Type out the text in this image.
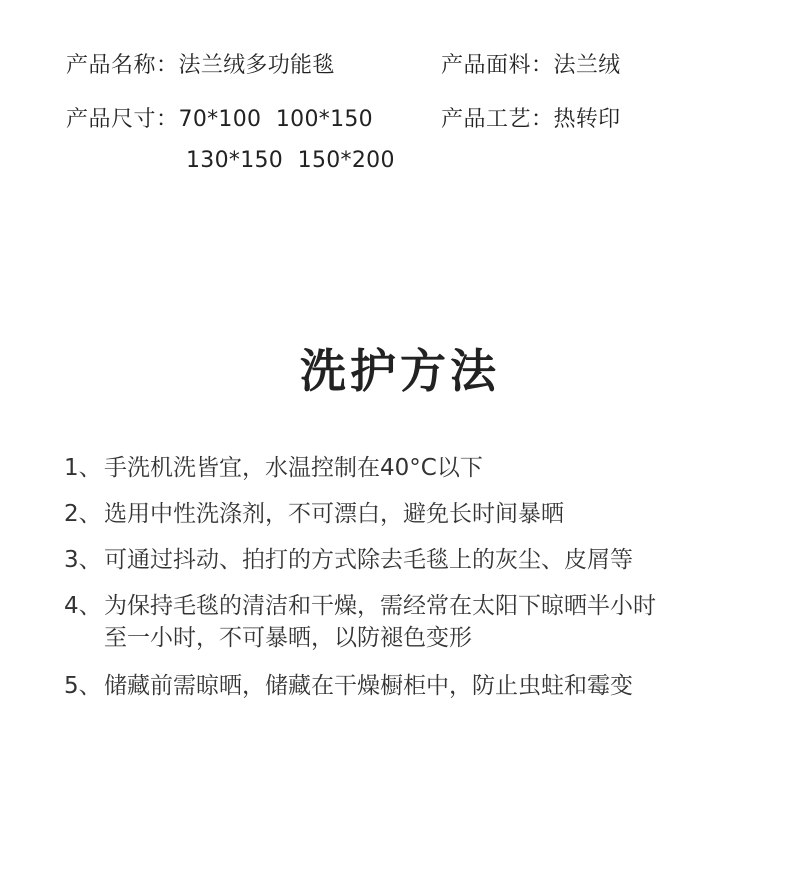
产品名称：法兰绒多功能毯	产品面料：法兰绒
产品尺寸：70*100  100*150
130*150  150*200
产品工艺：热转印
洗护方法
1、 手洗机洗皆宜，水温控制在40°C以下
2、 选用中性洗涤剂，不可漂白，避免长时间暴晒
3、 可通过抖动、拍打的方式除去毛毯上的灰尘、皮屑等
4、 为保持毛毯的清洁和干燥，需经常在太阳下晾晒半小时
至一小时，不可暴晒，以防褪色变形
5、 储藏前需晾晒，储藏在干燥橱柜中，防止虫蛀和霉变
